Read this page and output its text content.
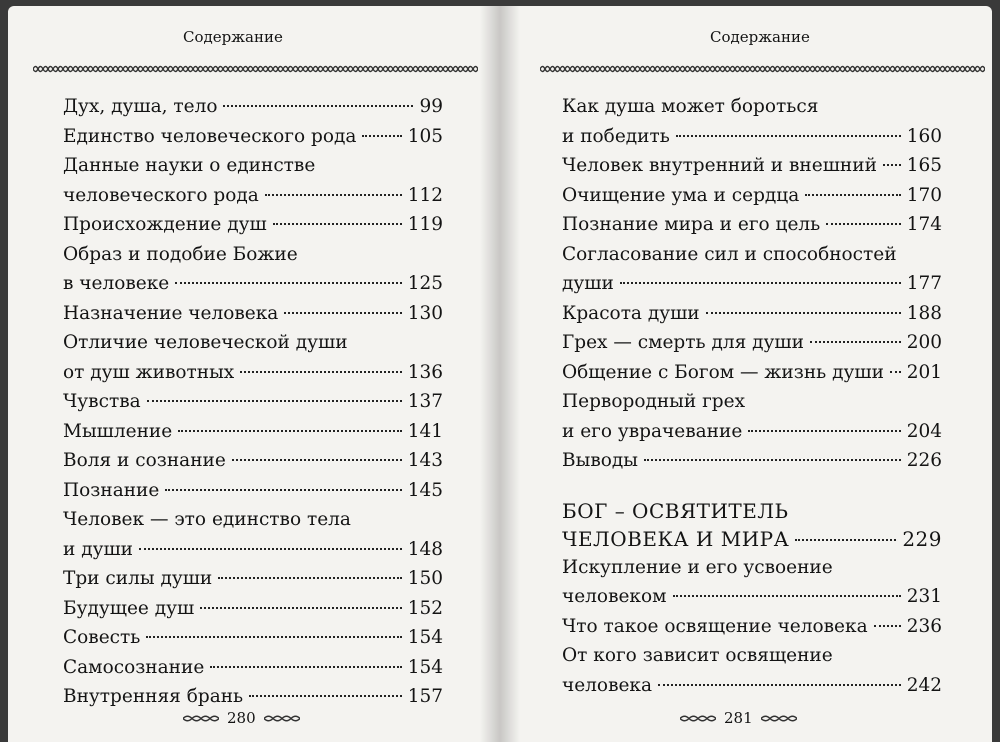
Содержание
Дух, душа, тело	99
Единство человеческого рода	105
Данные науки о единстве
человеческого рода	112
Происхождение душ	119
Образ и подобие Божие
в человеке	125
Назначение человека	130
Отличие человеческой души
от душ животных	136
Чувства	137
Мышление	141
Воля и сознание	143
Познание	145
Человек — это единство тела
и души	148
Три силы души	150
Будущее душ	152
Совесть	154
Самосознание	154
Внутренняя брань	157
280
Содержание
Как душа может бороться
и победить	160
Человек внутренний и внешний 165
Очищение ума и сердца	170
Познание мира и его цель	174
Согласование сил и способностей
души	177
Красота души	188
Грех — смерть для души	200
Общение с Богом — жизнь души 201
Первородный грех
и его уврачевание	204
Выводы	226
БОГ – ОСВЯТИТЕЛЬ
ЧЕЛОВЕКА И МИРА	229
Искупление и его усвоение
человеком	231
Что такое освящение человека 236
От кого зависит освящение
человека	242
281
